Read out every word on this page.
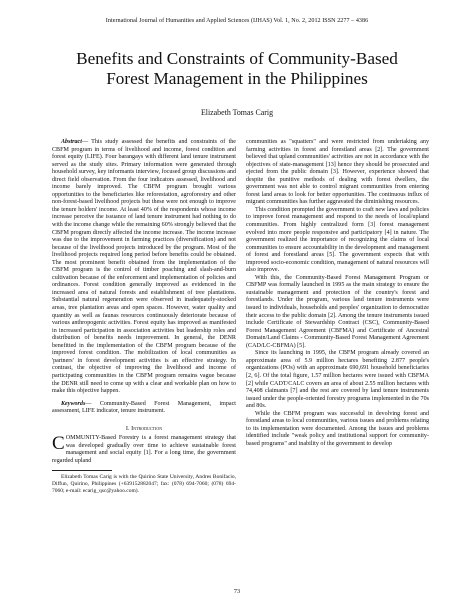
International Journal of Humanities and Applied Sciences (IJHAS) Vol. 1, No. 2, 2012 ISSN 2277 – 4386
Benefits and Constraints of Community-Based
Forest Management in the Philippines
Elizabeth Tomas Carig

Abstract— This study assessed the benefits and constraints of the CBFM program in terms of livelihood and income, forest condition and forest equity (LIFE). Four barangays with different land tenure instrument served as the study sites. Primary information were generated through household survey, key informants interview, focused group discussions and direct field observation. From the four indicators assessed, livelihood and income barely improved. The CBFM program brought various opportunities to the beneficiaries like reforestation, agroforestry and other non-forest-based livelihood projects but these were not enough to improve the tenure holders' income. At least 40% of the respondents whose income increase perceive the issuance of land tenure instrument had nothing to do with the income change while the remaining 60% strongly believed that the CBFM program directly affected the income increase. The income increase was due to the improvement in farming practices (diversification) and not because of the livelihood projects introduced by the program. Most of the livelihood projects required long period before benefits could be obtained. The most prominent benefit obtained from the implementation of the CBFM program is the control of timber poaching and slash-and-burn cultivation because of the enforcement and implementation of policies and ordinances. Forest condition generally improved as evidenced in the increased area of natural forests and establishment of tree plantations. Substantial natural regeneration were observed in inadequately-stocked areas, tree plantation areas and open spaces. However, water quality and quantity as well as faunas resources continuously deteriorate because of various anthropogenic activities. Forest equity has improved as manifested in increased participation in association activities but leadership roles and distribution of benefits needs improvement. In general, the DENR benefitted in the implementation of the CBFM program because of the improved forest condition. The mobilization of local communities as 'partners' in forest development activities is an effective strategy. In contrast, the objective of improving the livelihood and income of participating communities in the CBFM program remains vague because the DENR still need to come up with a clear and workable plan on how to make this objective happen.

Keywords— Community-Based Forest Management, impact assessment, LIFE indicator, tenure instrument.

I. Introduction

COMMUNITY-Based Forestry is a forest management strategy that was developed gradually over time to achieve sustainable forest management and social equity [1]. For a long time, the government regarded upland

Elizabeth Tomas Carig is with the Quirino State University, Andres Bonifacio, Diffun, Quirino, Philippines (+639152882047; fax: (078) 694-7060; (078) 694-7060; e-mail: ecarig_qsc@yahoo.com).

communities as "squatters" and were restricted from undertaking any farming activities in forest and forestland areas [2]. The government believed that upland communities' activities are not in accordance with the objectives of state-management [13] hence they should be prosecuted and ejected from the public domain [3]. However, experience showed that despite the punitive methods of dealing with forest dwellers, the government was not able to control migrant communities from entering forest land areas to look for better opportunities. The continuous influx of migrant communities has further aggravated the diminishing resources.

This condition prompted the government to craft new laws and policies to improve forest management and respond to the needs of local/upland communities. From highly centralized form [3] forest management evolved into more people responsive and participatory [4] in nature. The government realized the importance of recognizing the claims of local communities to ensure accountability in the development and management of forest and forestland areas [5]. The government expects that with improved socio-economic condition, management of natural resources will also improve.

With this, the Community-Based Forest Management Program or CBFMP was formally launched in 1995 as the main strategy to ensure the sustainable management and protection of the country's forest and forestlands. Under the program, various land tenure instruments were issued to individuals, households and peoples' organization to democratize their access to the public domain [2]. Among the tenure instruments issued include Certificate of Stewardship Contract (CSC), Community-Based Forest Management Agreement (CBFMA) and Certificate of Ancestral Domain/Land Claims - Community-Based Forest Management Agreement (CAD/LC-CBFMA) [5].

Since its launching in 1995, the CBFM program already covered an approximate area of 5.9 million hectares benefiting 2.877 people's organizations (POs) with an approximate 690,691 household beneficiaries [2, 6]. Of the total figure, 1.57 million hectares were issued with CBFMA [2] while CADT/CALC covers an area of about 2.55 million hectares with 74,408 claimants [7] and the rest are covered by land tenure instruments issued under the people-oriented forestry programs implemented in the 70s and 80s.

While the CBFM program was successful in devolving forest and forestland areas to local communities, various issues and problems relating to its implementation were documented. Among the issues and problems identified include "weak policy and institutional support for community-based programs" and inability of the government to develop

73
